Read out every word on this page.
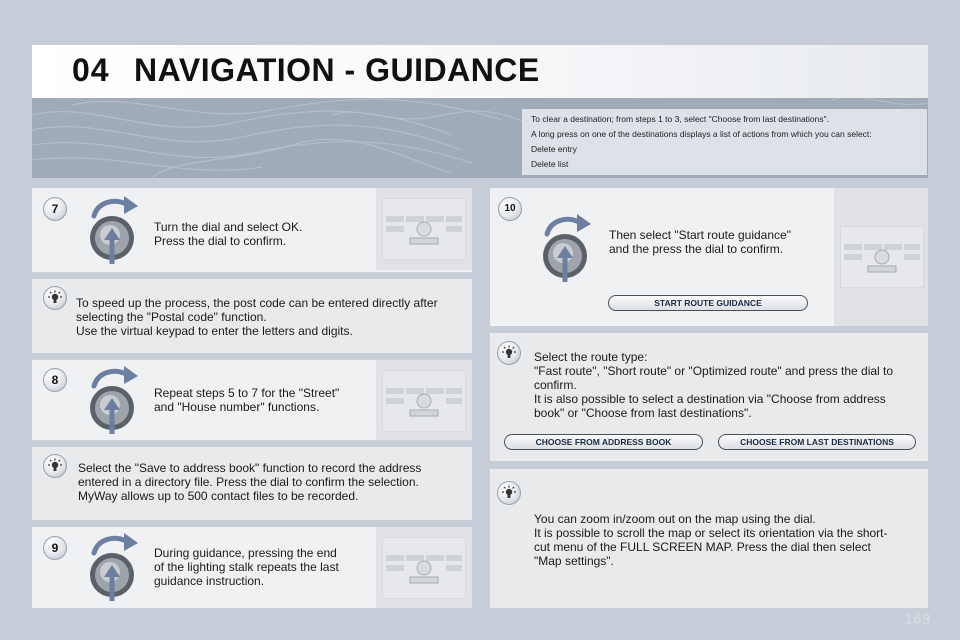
04 NAVIGATION - GUIDANCE
To clear a destination; from steps 1 to 3, select "Choose from last destinations".
A long press on one of the destinations displays a list of actions from which you can select:
Delete entry
Delete list
7
Turn the dial and select OK.
Press the dial to confirm.
To speed up the process, the post code can be entered directly after
selecting the "Postal code" function.
Use the virtual keypad to enter the letters and digits.
8
Repeat steps 5 to 7 for the "Street"
and "House number" functions.
Select the "Save to address book" function to record the address
entered in a directory file. Press the dial to confirm the selection.
MyWay allows up to 500 contact files to be recorded.
9	During guidance, pressing the end
of the lighting stalk repeats the last
guidance instruction.
10
Then select "Start route guidance"
and the press the dial to confirm.
START ROUTE GUIDANCE
Select the route type:
"Fast route", "Short route" or "Optimized route" and press the dial to
confirm.
It is also possible to select a destination via "Choose from address
book" or "Choose from last destinations".
CHOOSE FROM ADDRESS BOOK	CHOOSE FROM LAST DESTINATIONS
You can zoom in/zoom out on the map using the dial.
It is possible to scroll the map or select its orientation via the short-
cut menu of the FULL SCREEN MAP. Press the dial then select
"Map settings".
169
